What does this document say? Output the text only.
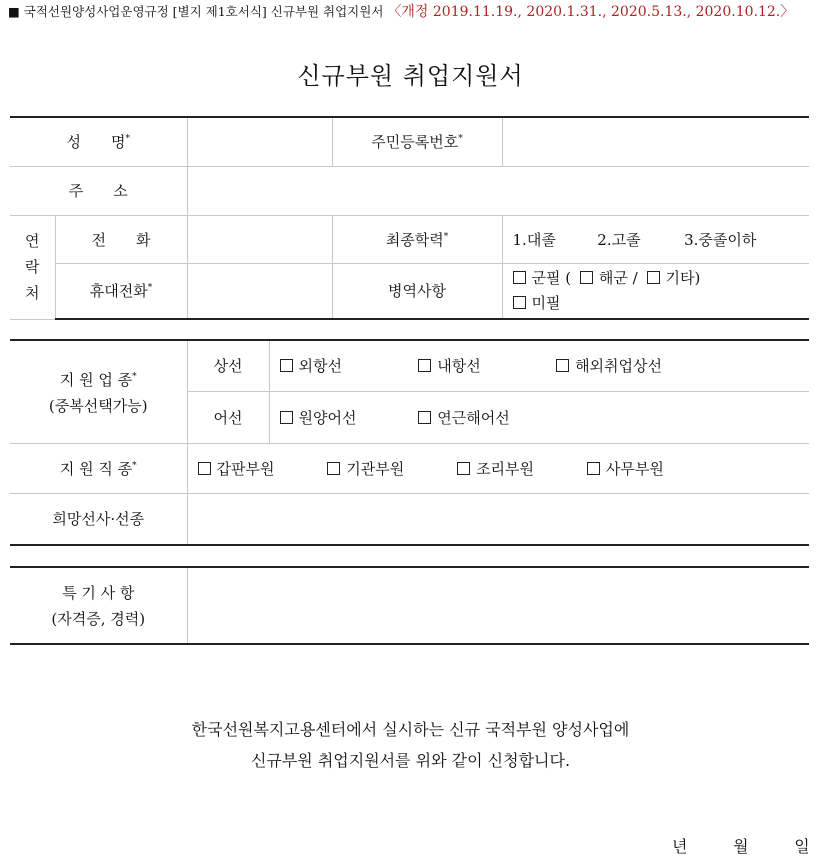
■ 국적선원양성사업운영규정 [별지 제1호서식] 신규부원 취업지원서 〈개정 2019.11.19., 2020.1.31., 2020.5.13., 2020.10.12.〉
신규부원 취업지원서
성　　명*			주민등록번호*	
주　　소				

연
락
처	전　　화		최종학력*	1.대졸 2.고졸 3.중졸이하
	휴대전화*		병역사항	군필 ( 해군 / 기타)
미필
지 원 업 종*
(중복선택가능)	상선	외항선 내항선 해외취업상선
	어선	원양어선 연근해어선
지 원 직 종*	갑판부원 기관부원 조리부원 사무부원	
희망선사·선종		
특 기 사 항
(자격증, 경력)

한국선원복지고용센터에서 실시하는 신규 국적부원 양성사업에
신규부원 취업지원서를 위와 같이 신청합니다.
년	월	일
